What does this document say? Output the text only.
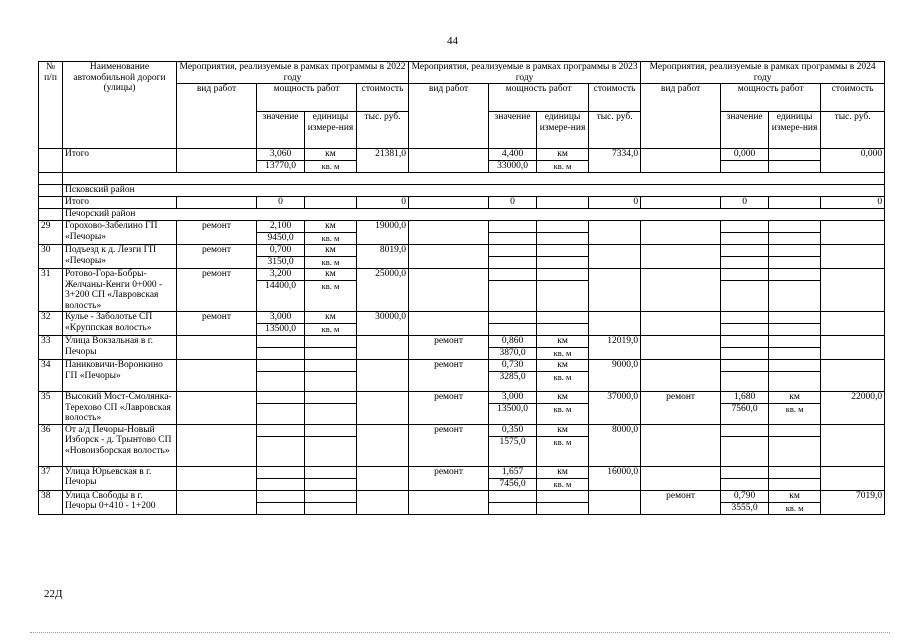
44
№ п/п	Наименование автомобильной дороги (улицы)	Мероприятия, реализуемые в рамках программы в 2022 году				Мероприятия, реализуемые в рамках программы в 2023 году				Мероприятия, реализуемые в рамках программы в 2024 году			
		вид работ	мощность работ		стоимость	вид работ	мощность работ		стоимость	вид работ	мощность работ		стоимость
			значение	единицы измере-ния	тыс. руб.		значение	единицы измере-ния	тыс. руб.		значение	единицы измере-ния	тыс. руб.
	Итого		3,060	км	21381,0		4,400	км	7334,0		0,000		0,000
			13770,0	кв. м			33000,0	кв. м					

	Псковский район												
	Итого		0		0		0		0		0		0
	Печорский район												
29	Горохово-Забелино ГП «Печоры»	ремонт	2,100	км	19000,0								
			9450,0	кв. м									
30	Подъезд к д. Лезги ГП «Печоры»	ремонт	0,700	км	8019,0								
			3150,0	кв. м									
31	Ротово-Гора-Бобры-Желчаны-Кенги 0+000 - 3+200 СП «Лавровская волость»	ремонт	3,200	км	25000,0								
			14400,0	кв. м									
32	Кулье - Заболотье СП «Круппская волость»	ремонт	3,000	км	30000,0								
			13500,0	кв. м									
33	Улица Вокзальная в г. Печоры					ремонт	0,860	км	12019,0				
							3870,0	кв. м					
34	Паниковичи-Воронкино ГП «Печоры»					ремонт	0,730	км	9000,0				
							3285,0	кв. м					
35	Высокий Мост-Смолянка-Терехово СП «Лавровская волость»					ремонт	3,000	км	37000,0	ремонт	1,680	км	22000,0
							13500,0	кв. м			7560,0	кв. м	
36	От а/д Печоры-Новый Изборск - д. Трынтово СП «Новоизборская волость»					ремонт	0,350	км	8000,0				
							1575,0	кв. м					
37	Улица Юрьевская в г. Печоры					ремонт	1,657	км	16000,0				
							7456,0	кв. м					
38	Улица Свободы в г. Печоры 0+410 - 1+200									ремонт	0,790	км	7019,0
											3555,0	кв. м	
22Д
